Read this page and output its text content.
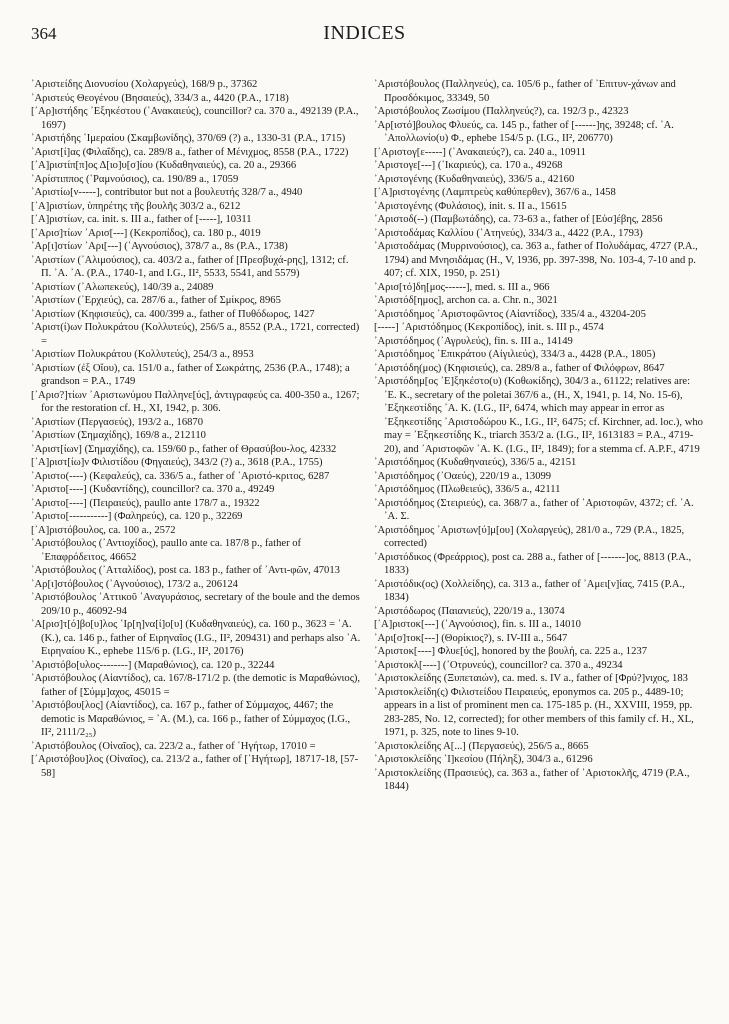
364	INDICES

᾿Αριστείδης Διονυσίου (Χολαργεύς), 168/9 p., 37362

᾿Αριστεύς Θεογένου (Βησαιεύς), 334/3 a., 4420 (P.A., 1718)

[᾿Αρ]ιστήδης ᾿Εξηκέστου (᾿Ανακαιεύς), councillor? ca. 370 a., 492139 (P.A., 1697)

᾿Αριστήδης ῾Ιμεραίου (Σκαμβωνίδης), 370/69 (?) a., 1330-31 (P.A., 1715)

᾿Αριστ[ί]ας (Φιλαΐδης), ca. 289/8 a., father of Μένιχμος, 8558 (P.A., 1722)

[᾿Α]ριστίπ[π]ος Δ[ιο]υ[σ]ίου (Κυδαθηναιεύς), ca. 20 a., 29366

᾿Αρίστιππος (῾Ραμνούσιος), ca. 190/89 a., 17059

᾿Αριστίω[ν-----], contributor but not a βουλευτής 328/7 a., 4940

[᾿Α]ριστίων, ὑπηρέτης τῆς βουλῆς 303/2 a., 6212

[᾿Α]ριστίων, ca. init. s. III a., father of [-----], 10311

[᾿Αρισ]τίων ᾿Αρισ[---] (Κεκροπίδος), ca. 180 p., 4019

᾿Αρ[ι]στίων ᾿Αρι[---] (᾿Αγνούσιος), 378/7 a., 8s (P.A., 1738)

᾿Αριστίων (᾿Αλιμούσιος), ca. 403/2 a., father of [Πρεσβυχά-ρης], 1312; cf. Π. ᾿Α. ᾿Α. (P.A., 1740-1, and I.G., II², 5533, 5541, and 5579)

᾿Αριστίων (᾿Αλωπεκεύς), 140/39 a., 24089

᾿Αριστίων (᾿Ερχιεύς), ca. 287/6 a., father of Σμίκρος, 8965

᾿Αριστίων (Κηφισιεύς), ca. 400/399 a., father of Πυθόδωρος, 1427

᾿Αριστ(ί)ων Πολυκράτου (Κολλυτεύς), 256/5 a., 8552 (P.A., 1721, corrected) =

᾿Αριστίων Πολυκράτου (Κολλυτεύς), 254/3 a., 8953

᾿Αριστίων (ἐξ Οἴου), ca. 151/0 a., father of Σωκράτης, 2536 (P.A., 1748); a grandson = P.A., 1749

[᾿Αρισ?]τίων ᾿Αριστωνύμου Παλληνε[ύς], ἀντιγραφεύς ca. 400-350 a., 1267; for the restoration cf. H., XI, 1942, p. 306.

᾿Αριστίων (Περγασεύς), 193/2 a., 16870

᾿Αριστίων (Σημαχίδης), 169/8 a., 212110

᾿Αριστ[ίων] (Σημαχίδης), ca. 159/60 p., father of Θρασύβου-λος, 42332

[᾿Α]ριστ[ίω]ν Φιλιστίδου (Φηγαιεύς), 343/2 (?) a., 3618 (P.A., 1755)

᾿Αριστο(----) (Κεφαλεύς), ca. 336/5 a., father of ᾿Αριστό-κριτος, 6287

᾿Αριστο[----] (Κυδαντίδης), councillor? ca. 370 a., 49249

᾿Αριστο[----] (Πειραιεύς), paullo ante 178/7 a., 19322

᾿Αριστο[-----------] (Φαληρεύς), ca. 120 p., 32269

[᾿Α]ριστόβουλος, ca. 100 a., 2572

᾿Αριστόβουλος (᾿Αντιοχίδος), paullo ante ca. 187/8 p., father of ᾿Επαφρόδειτος, 46652

᾿Αριστόβουλος (᾿Ατταλίδος), post ca. 183 p., father of ᾿Αντι-φῶν, 47013

᾿Αρ[ι]στόβουλος (᾿Αγνούσιος), 173/2 a., 206124

᾿Αριστόβουλος ᾿Αττικοῦ ᾿Αναγυράσιος, secretary of the boule and the demos 209/10 p., 46092-94

᾿Α[ρισ]τ[ό]βο[υ]λος ῾Ιρ[η]να[ί]ο[υ] (Κυδαθηναιεύς), ca. 160 p., 3623 = ᾿Α. (Κ.), ca. 146 p., father of Ειρηναῖος (I.G., II², 209431) and perhaps also ᾿Α. Ειρηναίου Κ., ephebe 115/6 p. (I.G., II², 20176)

᾿Αριστόβο[υλος--------] (Μαραθώνιος), ca. 120 p., 32244

᾿Αριστόβουλος (Αἰαντίδος), ca. 167/8-171/2 p. (the demotic is Μαραθώνιος), father of [Σύμμ]αχος, 45015 =

᾿Αριστόβου[λος] (Αἰαντίδος), ca. 167 p., father of Σύμμαχος, 4467; the demotic is Μαραθώνιος, = ᾿Α. (Μ.), ca. 166 p., father of Σύμμαχος (I.G., II², 2111/2₂₅)

᾿Αριστόβουλος (Οἰναῖος), ca. 223/2 a., father of ῾Ηγήτωρ, 17010 =

[᾿Αριστόβου]λος (Οἰναῖος), ca. 213/2 a., father of [῾Ηγήτωρ], 18717-18, [57-58]

᾿Αριστόβουλος (Παλληνεύς), ca. 105/6 p., father of ᾿Επιτυν-χάνων and Προσδόκιμος, 33349, 50

᾿Αριστόβουλος Ζωσίμου (Παλληνεύς?), ca. 192/3 p., 42323

᾿Αρ[ιστό]βουλος Φλυεύς, ca. 145 p., father of [------]ης, 39248; cf. ᾿Α. ᾿Απολλωνίο(υ) Φ., ephebe 154/5 p. (I.G., II², 206770)

[᾿Αριστογ[ε-----] (᾿Ανακαιεύς?), ca. 240 a., 10911

᾿Αριστογε[---] (᾿Ικαριεύς), ca. 170 a., 49268

᾿Αριστογένης (Κυδαθηναιεύς), 336/5 a., 42160

[᾿Α]ριστογένης (Λαμπτρεὺς καθύπερθεν), 367/6 a., 1458

᾿Αριστογένης (Φυλάσιος), init. s. II a., 15615

᾿Αριστοδ(--) (Παμβωτάδης), ca. 73-63 a., father of [Εὐσ]έβης, 2856

᾿Αριστοδάμας Καλλίου (᾿Ατηνεύς), 334/3 a., 4422 (P.A., 1793)

᾿Αριστοδάμας (Μυρρινούσιος), ca. 363 a., father of Πολυδάμας, 4727 (P.A., 1794) and Μνησιδάμας (H., V, 1936, pp. 397-398, No. 103-4, 7-10 and p. 407; cf. XIX, 1950, p. 251)

᾿Αρισ[τό]δη[μος------], med. s. III a., 966

᾿Αριστόδ[ημος], archon ca. a. Chr. n., 3021

᾿Αριστόδημος ᾿Αριστοφῶντος (Αἰαντίδος), 335/4 a., 43204-205

[-----] ᾿Αριστόδημος (Κεκροπίδος), init. s. III p., 4574

᾿Αριστόδημος (᾿Αγρυλεύς), fin. s. III a., 14149

᾿Αριστόδημος ᾿Επικράτου (Αἰγιλιεύς), 334/3 a., 4428 (P.A., 1805)

᾿Αριστόδη(μος) (Κηφισιεύς), ca. 289/8 a., father of Φιλόφρων, 8647

᾿Αριστόδημ[ος ᾿Ε]ξηκέστο(υ) (Κοθωκίδης), 304/3 a., 61122; relatives are: ᾿Ε. Κ., secretary of the poletai 367/6 a., (H., X, 1941, p. 14, No. 15-6), ᾿Εξηκεστίδης ᾿Α. Κ. (I.G., II², 6474, which may appear in error as ᾿Εξηκεστίδης ᾿Αριστοδώρου Κ., I.G., II², 6475; cf. Kirchner, ad. loc.), who may = ᾿Εξηκεστίδης Κ., triarch 353/2 a. (I.G., II², 1613183 = P.A., 4719-20), and ᾿Αριστοφῶν ᾿Α. Κ. (I.G., II², 1849); for a stemma cf. A.P.F., 4719

᾿Αριστόδημος (Κυδαθηναιεύς), 336/5 a., 42151

᾿Αριστόδημος (᾿Οαεύς), 220/19 a., 13099

᾿Αριστόδημος (Πλωθειεύς), 336/5 a., 42111

᾿Αριστόδημος (Στειριεύς), ca. 368/7 a., father of ᾿Αριστοφῶν, 4372; cf. ᾿Α. ᾿Α. Σ.

᾿Αριστόδημος ᾿Αριστων[ύ]μ[ου] (Χολαργεύς), 281/0 a., 729 (P.A., 1825, corrected)

᾿Αριστόδικος (Φρεάρριος), post ca. 288 a., father of [-------]ος, 8813 (P.A., 1833)

᾿Αριστόδικ(ος) (Χολλείδης), ca. 313 a., father of ᾿Αμει[ν]ίας, 7415 (P.A., 1834)

᾿Αριστόδωρος (Παιανιεύς), 220/19 a., 13074

[᾿Α]ριστοκ[---] (᾿Αγνούσιος), fin. s. III a., 14010

᾿Αρι[σ]τοκ[---] (Θορίκιος?), s. IV-III a., 5647

᾿Αριστοκ[----] Φλυε[ύς], honored by the βουλή, ca. 225 a., 1237

᾿Αριστοκλ[----] (᾿Οτρυνεύς), councillor? ca. 370 a., 49234

᾿Αριστοκλείδης (Ξυπεταιών), ca. med. s. IV a., father of [Φρύ?]νιχος, 183

᾿Αριστοκλείδη(ς) Φιλιστείδου Πειραιεύς, eponymos ca. 205 p., 4489-10; appears in a list of prominent men ca. 175-185 p. (H., XXVIII, 1959, pp. 283-285, No. 12, corrected); for other members of this family cf. H., XL, 1971, p. 325, note to lines 9-10.

᾿Αριστοκλείδης Α[...] (Περγασεύς), 256/5 a., 8665

᾿Αριστοκλείδης ᾿Ι]κεσίου (Πήληξ), 304/3 a., 61296

᾿Αριστοκλείδης (Πρασιεύς), ca. 363 a., father of ᾿Αριστοκλῆς, 4719 (P.A., 1844)
